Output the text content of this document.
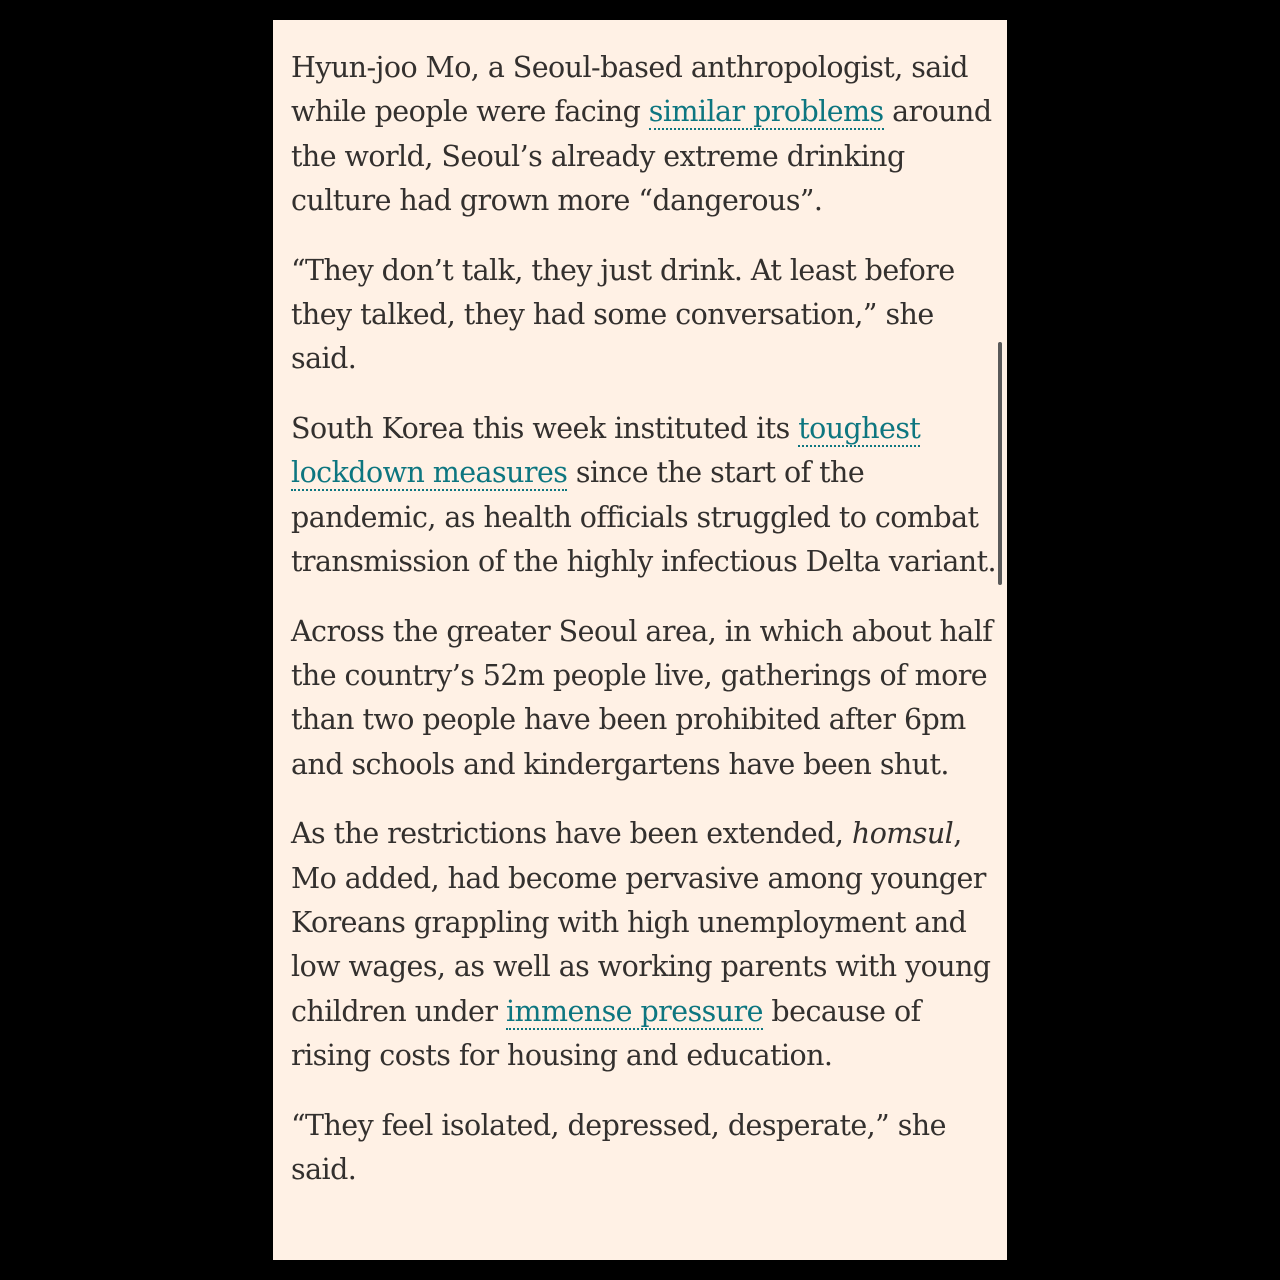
Hyun-joo Mo, a Seoul-based anthropologist, said while people were facing similar problems around the world, Seoul’s already extreme drinking culture had grown more “dangerous”.

“They don’t talk, they just drink. At least before they talked, they had some conversation,” she said.

South Korea this week instituted its toughest lockdown measures since the start of the pandemic, as health officials struggled to combat transmission of the highly infectious Delta variant.

Across the greater Seoul area, in which about half the country’s 52m people live, gatherings of more than two people have been prohibited after 6pm and schools and kindergartens have been shut.

As the restrictions have been extended, homsul, Mo added, had become pervasive among younger Koreans grappling with high unemployment and low wages, as well as working parents with young children under immense pressure because of rising costs for housing and education.

“They feel isolated, depressed, desperate,” she said.
